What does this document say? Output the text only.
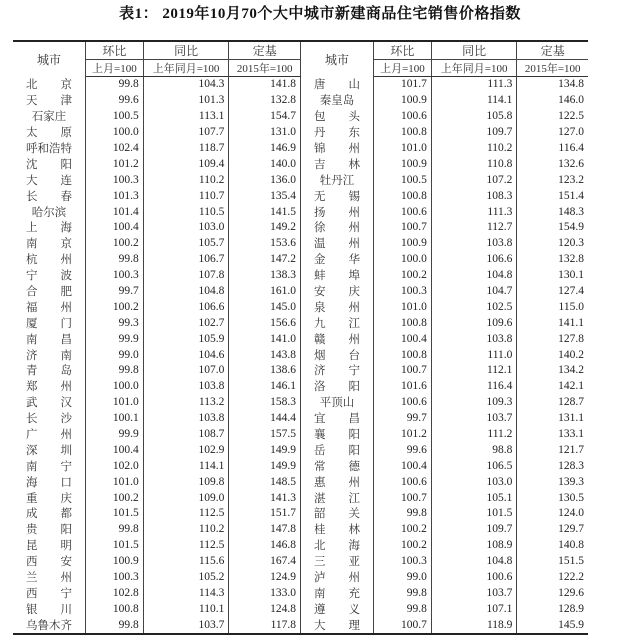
表1： 2019年10月70个大中城市新建商品住宅销售价格指数
城市	环比	同比	定基	城市	环比	同比	定基
	上月=100	上年同月=100	2015年=100		上月=100	上年同月=100	2015年=100
北　　京	99.8	104.3	141.8	唐　　山	101.7	111.3	134.8
天　　津	99.6	101.3	132.8	秦皇岛	100.9	114.1	146.0
石家庄	100.5	113.1	154.7	包　　头	100.6	105.8	122.5
太　　原	100.0	107.7	131.0	丹　　东	100.8	109.7	127.0
呼和浩特	102.4	118.7	146.9	锦　　州	101.0	110.2	116.4
沈　　阳	101.2	109.4	140.0	吉　　林	100.9	110.8	132.6
大　　连	100.3	110.2	136.0	牡丹江	100.5	107.2	123.2
长　　春	101.3	110.7	135.4	无　　锡	100.8	108.3	151.4
哈尔滨	101.4	110.5	141.5	扬　　州	100.6	111.3	148.3
上　　海	100.4	103.0	149.2	徐　　州	100.7	112.7	154.9
南　　京	100.2	105.7	153.6	温　　州	100.9	103.8	120.3
杭　　州	99.8	106.7	147.2	金　　华	100.0	106.6	132.8
宁　　波	100.3	107.8	138.3	蚌　　埠	100.2	104.8	130.1
合　　肥	99.7	104.8	161.0	安　　庆	100.3	104.7	127.4
福　　州	100.2	106.6	145.0	泉　　州	101.0	102.5	115.0
厦　　门	99.3	102.7	156.6	九　　江	100.8	109.6	141.1
南　　昌	99.9	105.9	141.0	赣　　州	100.4	103.8	127.8
济　　南	99.0	104.6	143.8	烟　　台	100.8	111.0	140.2
青　　岛	99.8	107.0	138.6	济　　宁	100.7	112.1	134.2
郑　　州	100.0	103.8	146.1	洛　　阳	101.6	116.4	142.1
武　　汉	101.0	113.2	158.3	平顶山	100.6	109.3	128.7
长　　沙	100.1	103.8	144.4	宜　　昌	99.7	103.7	131.1
广　　州	99.9	108.7	157.5	襄　　阳	101.2	111.2	133.1
深　　圳	100.4	102.9	149.9	岳　　阳	99.6	98.8	121.7
南　　宁	102.0	114.1	149.9	常　　德	100.4	106.5	128.3
海　　口	101.0	109.8	148.5	惠　　州	100.6	103.0	139.3
重　　庆	100.2	109.0	141.3	湛　　江	100.7	105.1	130.5
成　　都	101.5	112.5	151.7	韶　　关	99.8	101.5	124.0
贵　　阳	99.8	110.2	147.8	桂　　林	100.2	109.7	129.7
昆　　明	101.5	112.5	146.8	北　　海	100.2	108.9	140.8
西　　安	100.9	115.6	167.4	三　　亚	100.3	104.8	151.5
兰　　州	100.3	105.2	124.9	泸　　州	99.0	100.6	122.2
西　　宁	102.8	114.3	133.0	南　　充	99.8	103.7	129.6
银　　川	100.8	110.1	124.8	遵　　义	99.8	107.1	128.9
乌鲁木齐	99.8	103.7	117.8	大　　理	100.7	118.9	145.9
